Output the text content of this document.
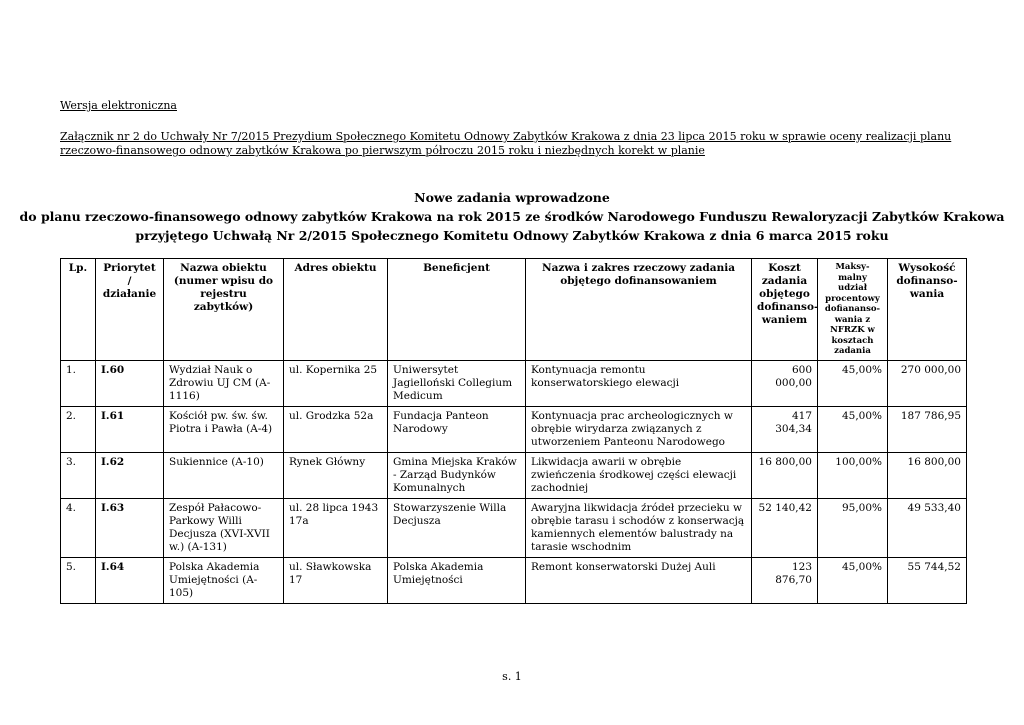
Wersja elektroniczna
Załącznik nr 2 do Uchwały Nr 7/2015 Prezydium Społecznego Komitetu Odnowy Zabytków Krakowa z dnia 23 lipca 2015 roku w sprawie oceny realizacji planu rzeczowo-finansowego odnowy zabytków Krakowa po pierwszym półroczu 2015 roku i niezbędnych korekt w planie
Nowe zadania wprowadzone
do planu rzeczowo-finansowego odnowy zabytków Krakowa na rok 2015 ze środków Narodowego Funduszu Rewaloryzacji Zabytków Krakowa
przyjętego Uchwałą Nr 2/2015 Społecznego Komitetu Odnowy Zabytków Krakowa z dnia 6 marca 2015 roku
Lp.	Priorytet / działanie	Nazwa obiektu (numer wpisu do rejestru zabytków)	Adres obiektu	Beneficjent	Nazwa i zakres rzeczowy zadania objętego dofinansowaniem	Koszt zadania objętego dofinanso-waniem	Maksy-malny udział procentowy dofiananso-wania z NFRZK w kosztach zadania	Wysokość dofinanso-wania
1.	I.60	Wydział Nauk o Zdrowiu UJ CM (A-1116)	ul. Kopernika 25	Uniwersytet Jagielloński Collegium Medicum	Kontynuacja remontu konserwatorskiego elewacji	600 000,00	45,00%	270 000,00
2.	I.61	Kościół pw. św. św. Piotra i Pawła (A-4)	ul. Grodzka 52a	Fundacja Panteon Narodowy	Kontynuacja prac archeologicznych w obrębie wirydarza związanych z utworzeniem Panteonu Narodowego	417 304,34	45,00%	187 786,95
3.	I.62	Sukiennice (A-10)	Rynek Główny	Gmina Miejska Kraków - Zarząd Budynków Komunalnych	Likwidacja awarii w obrębie zwieńczenia środkowej części elewacji zachodniej	16 800,00	100,00%	16 800,00
4.	I.63	Zespół Pałacowo-Parkowy Willi Decjusza (XVI-XVII w.) (A-131)	ul. 28 lipca 1943 17a	Stowarzyszenie Willa Decjusza	Awaryjna likwidacja źródeł przecieku w obrębie tarasu i schodów z konserwacją kamiennych elementów balustrady na tarasie wschodnim	52 140,42	95,00%	49 533,40
5.	I.64	Polska Akademia Umiejętności (A-105)	ul. Sławkowska 17	Polska Akademia Umiejętności	Remont konserwatorski Dużej Auli	123 876,70	45,00%	55 744,52
s. 1
